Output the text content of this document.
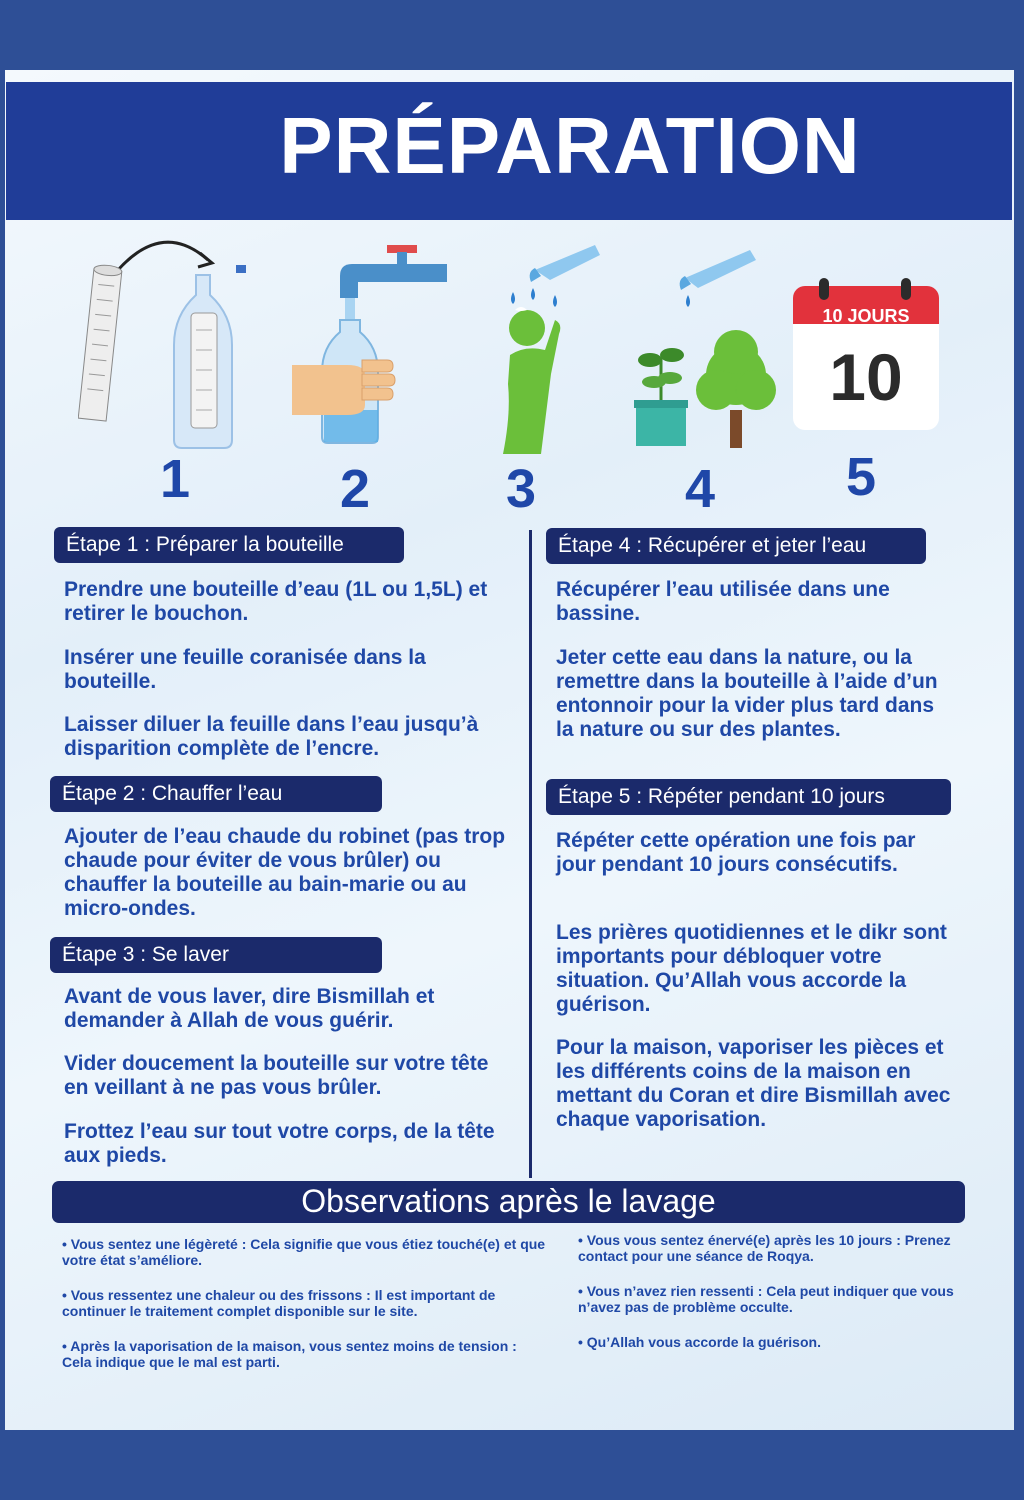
PRÉPARATION
10 JOURS
10
1	2	3	4 5
Étape 1 : Préparer la bouteille
Prendre une bouteille d’eau (1L ou 1,5L) et retirer le bouchon.
Insérer une feuille coranisée dans la bouteille.
Laisser diluer la feuille dans l’eau jusqu’à disparition complète de l’encre.
Étape 2 : Chauffer l’eau
Ajouter de l’eau chaude du robinet (pas trop chaude pour éviter de vous brûler) ou chauffer la bouteille au bain-marie ou au micro-ondes.
Étape 3 : Se laver
Avant de vous laver, dire Bismillah et demander à Allah de vous guérir.
Vider doucement la bouteille sur votre tête en veillant à ne pas vous brûler.
Frottez l’eau sur tout votre corps, de la tête aux pieds.
Étape 4 : Récupérer et jeter l’eau
Récupérer l’eau utilisée dans une bassine.
Jeter cette eau dans la nature, ou la remettre dans la bouteille à l’aide d’un entonnoir pour la vider plus tard dans la nature ou sur des plantes.
Étape 5 : Répéter pendant 10 jours
Répéter cette opération une fois par jour pendant 10 jours consécutifs.
Les prières quotidiennes et le dikr sont importants pour débloquer votre situation. Qu’Allah vous accorde la guérison.
Pour la maison, vaporiser les pièces et les différents coins de la maison en mettant du Coran et dire Bismillah avec chaque vaporisation.
Observations après le lavage
• Vous sentez une légèreté : Cela signifie que vous étiez touché(e) et que votre état s’améliore.
• Vous ressentez une chaleur ou des frissons : Il est important de continuer le traitement complet disponible sur le site.
• Après la vaporisation de la maison, vous sentez moins de tension : Cela indique que le mal est parti.
• Vous vous sentez énervé(e) après les 10 jours : Prenez contact pour une séance de Roqya.
• Vous n’avez rien ressenti : Cela peut indiquer que vous n’avez pas de problème occulte.
• Qu’Allah vous accorde la guérison.
